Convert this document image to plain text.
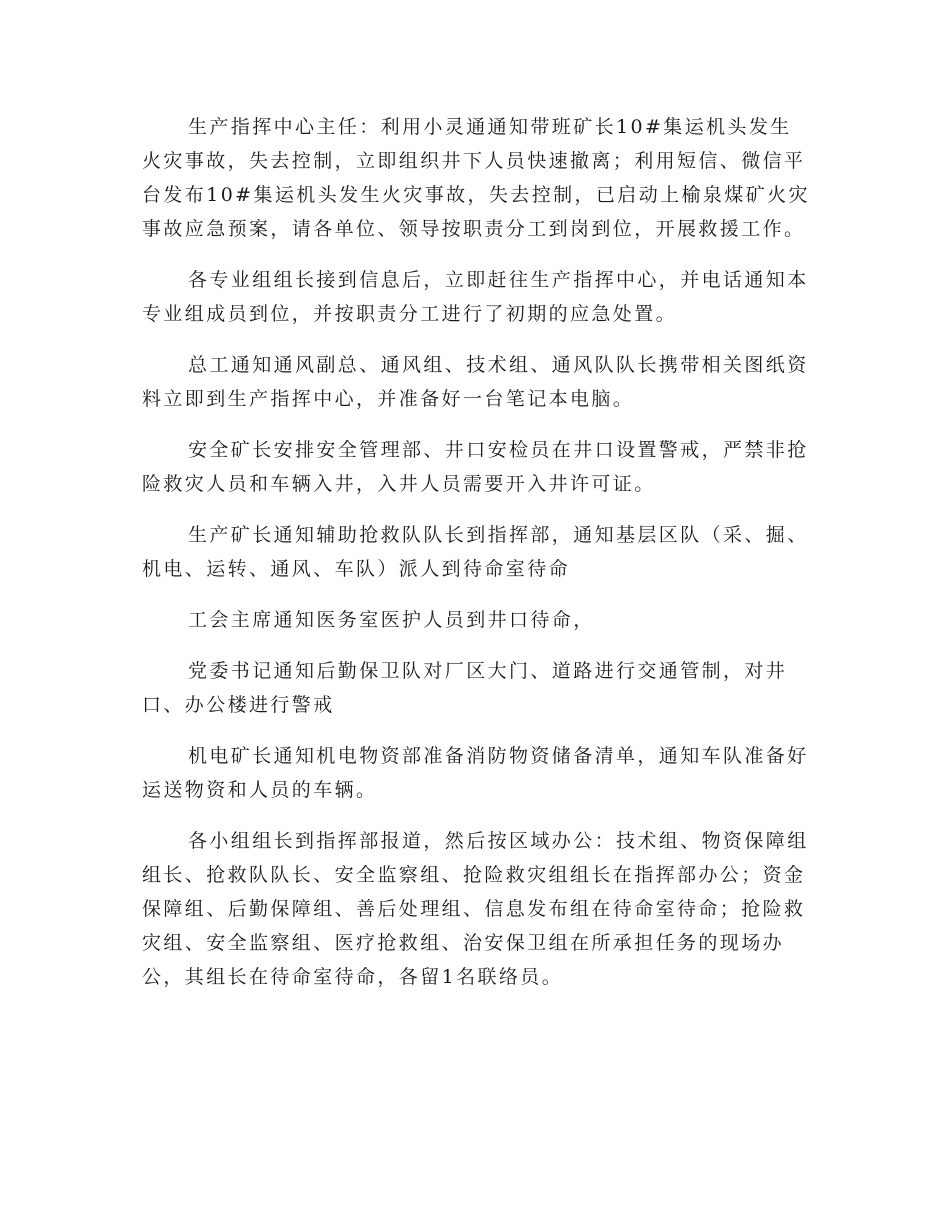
生产指挥中心主任：利用小灵通通知带班矿长10#集运机头发生火灾事故，失去控制，立即组织井下人员快速撤离；利用短信、微信平台发布10#集运机头发生火灾事故，失去控制，已启动上榆泉煤矿火灾事故应急预案，请各单位、领导按职责分工到岗到位，开展救援工作。

各专业组组长接到信息后，立即赶往生产指挥中心，并电话通知本专业组成员到位，并按职责分工进行了初期的应急处置。

总工通知通风副总、通风组、技术组、通风队队长携带相关图纸资料立即到生产指挥中心，并准备好一台笔记本电脑。

安全矿长安排安全管理部、井口安检员在井口设置警戒，严禁非抢险救灾人员和车辆入井，入井人员需要开入井许可证。

生产矿长通知辅助抢救队队长到指挥部，通知基层区队（采、掘、机电、运转、通风、车队）派人到待命室待命

工会主席通知医务室医护人员到井口待命，

党委书记通知后勤保卫队对厂区大门、道路进行交通管制，对井口、办公楼进行警戒

机电矿长通知机电物资部准备消防物资储备清单，通知车队准备好运送物资和人员的车辆。

各小组组长到指挥部报道，然后按区域办公：技术组、物资保障组组长、抢救队队长、安全监察组、抢险救灾组组长在指挥部办公；资金保障组、后勤保障组、善后处理组、信息发布组在待命室待命；抢险救灾组、安全监察组、医疗抢救组、治安保卫组在所承担任务的现场办公，其组长在待命室待命，各留1名联络员。
